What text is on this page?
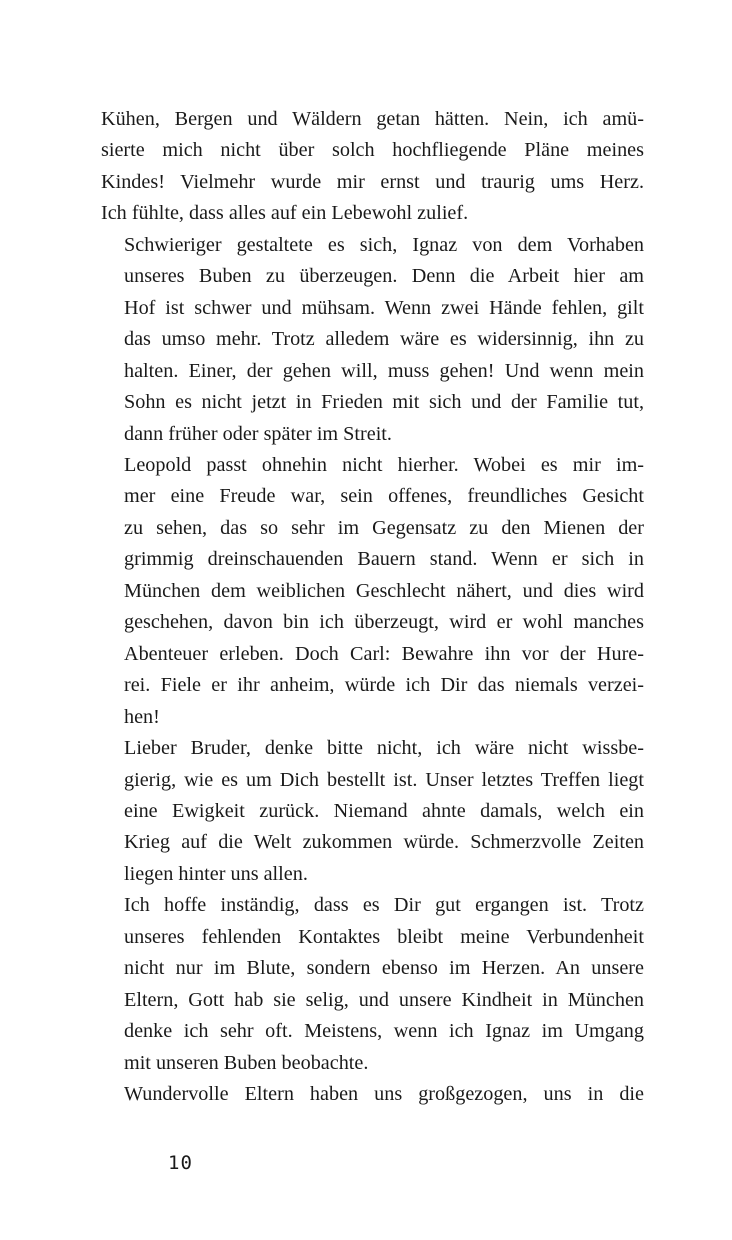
Kühen, Bergen und Wäldern getan hätten. Nein, ich amü-
sierte mich nicht über solch hochfliegende Pläne meines
Kindes! Vielmehr wurde mir ernst und traurig ums Herz.
Ich fühlte, dass alles auf ein Lebewohl zulief.

Schwieriger gestaltete es sich, Ignaz von dem Vorhaben
unseres Buben zu überzeugen. Denn die Arbeit hier am
Hof ist schwer und mühsam. Wenn zwei Hände fehlen, gilt
das umso mehr. Trotz alledem wäre es widersinnig, ihn zu
halten. Einer, der gehen will, muss gehen! Und wenn mein
Sohn es nicht jetzt in Frieden mit sich und der Familie tut,
dann früher oder später im Streit.

Leopold passt ohnehin nicht hierher. Wobei es mir im-
mer eine Freude war, sein offenes, freundliches Gesicht
zu sehen, das so sehr im Gegensatz zu den Mienen der
grimmig dreinschauenden Bauern stand. Wenn er sich in
München dem weiblichen Geschlecht nähert, und dies wird
geschehen, davon bin ich überzeugt, wird er wohl manches
Abenteuer erleben. Doch Carl: Bewahre ihn vor der Hure-
rei. Fiele er ihr anheim, würde ich Dir das niemals verzei-
hen!

Lieber Bruder, denke bitte nicht, ich wäre nicht wissbe-
gierig, wie es um Dich bestellt ist. Unser letztes Treffen liegt
eine Ewigkeit zurück. Niemand ahnte damals, welch ein
Krieg auf die Welt zukommen würde. Schmerzvolle Zeiten
liegen hinter uns allen.

Ich hoffe inständig, dass es Dir gut ergangen ist. Trotz
unseres fehlenden Kontaktes bleibt meine Verbundenheit
nicht nur im Blute, sondern ebenso im Herzen. An unsere
Eltern, Gott hab sie selig, und unsere Kindheit in München
denke ich sehr oft. Meistens, wenn ich Ignaz im Umgang
mit unseren Buben beobachte.

Wundervolle Eltern haben uns großgezogen, uns in die

10
